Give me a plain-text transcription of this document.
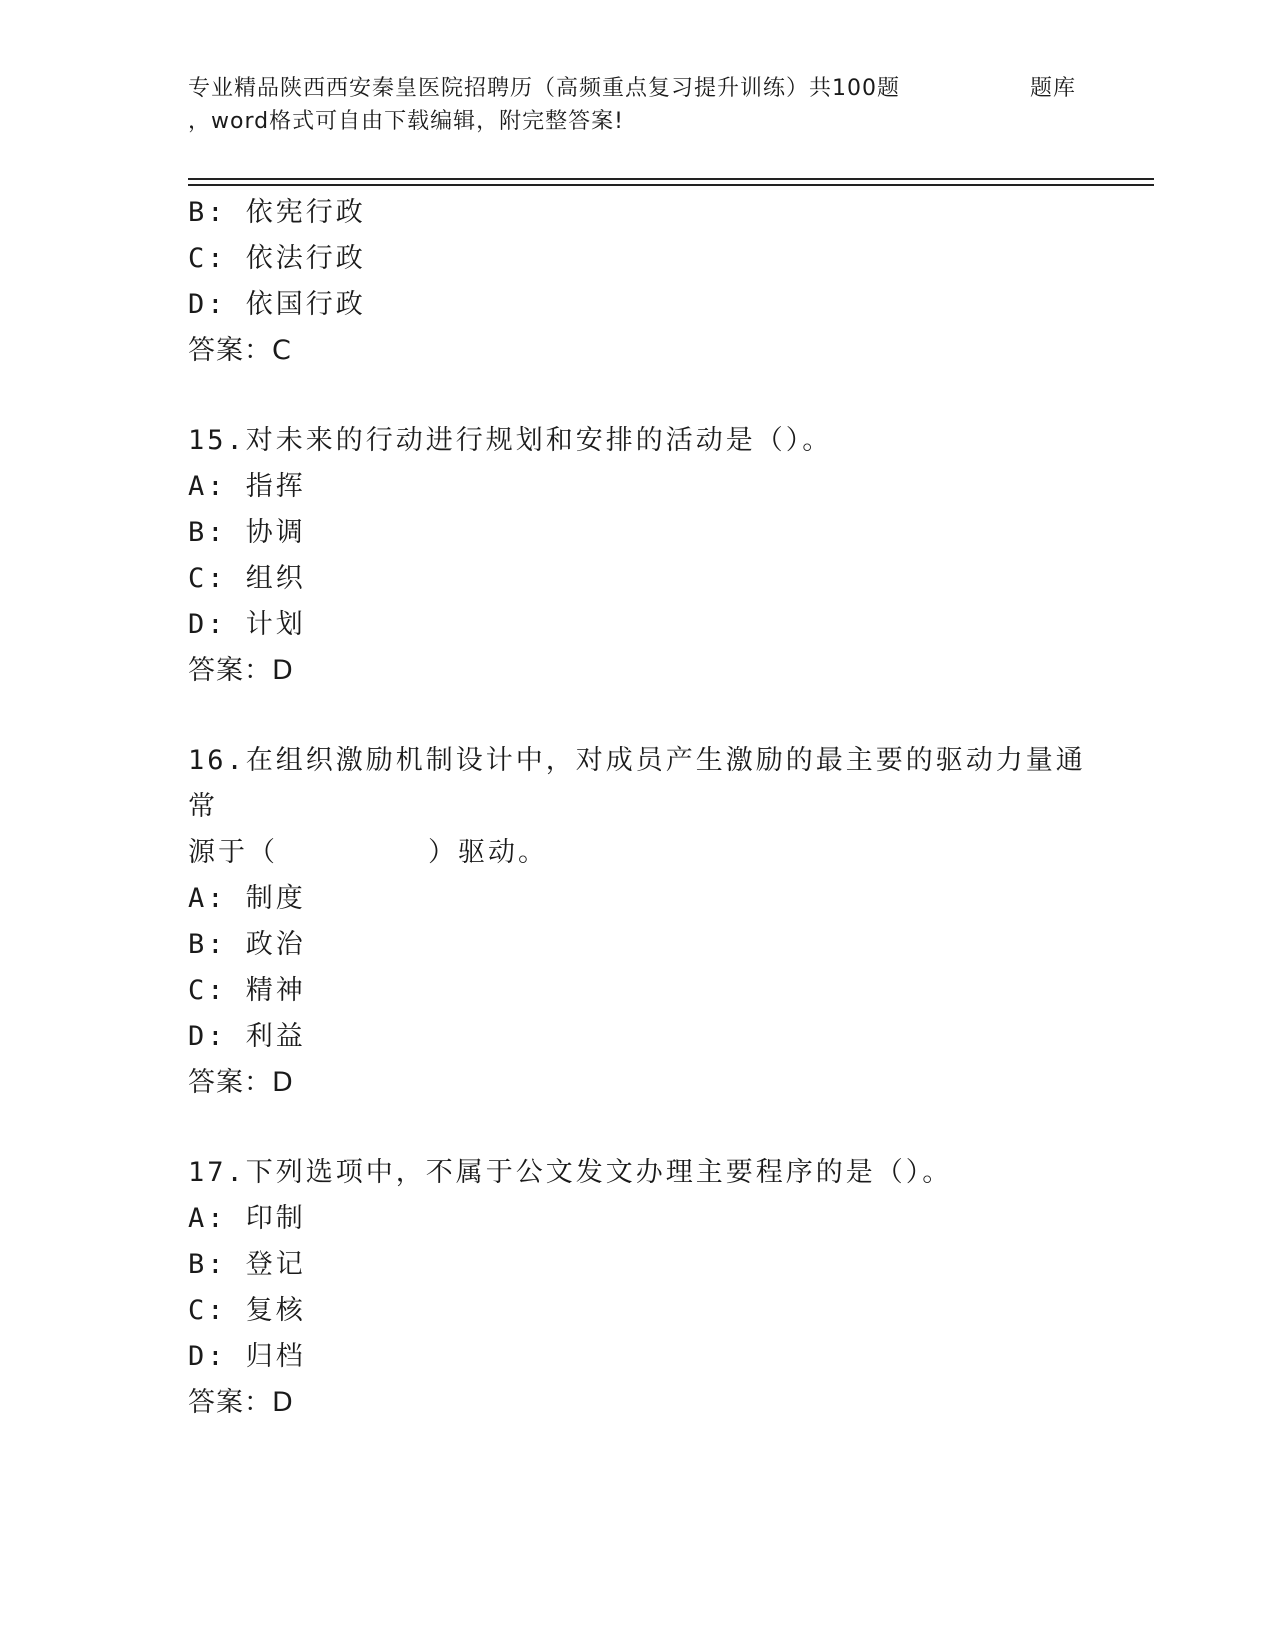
专业精品陕西西安秦皇医院招聘历（高频重点复习提升训练）共100题	题库
，word格式可自由下载编辑，附完整答案!
B: 依宪行政
C: 依法行政
D: 依国行政
答案：C
15.对未来的行动进行规划和安排的活动是（）。
A: 指挥
B: 协调
C: 组织
D: 计划
答案：D
16.在组织激励机制设计中，对成员产生激励的最主要的驱动力量通常
源于（　　　　　）驱动。
A: 制度
B: 政治
C: 精神
D: 利益
答案：D
17.下列选项中，不属于公文发文办理主要程序的是（）。
A: 印制
B: 登记
C: 复核
D: 归档
答案：D
